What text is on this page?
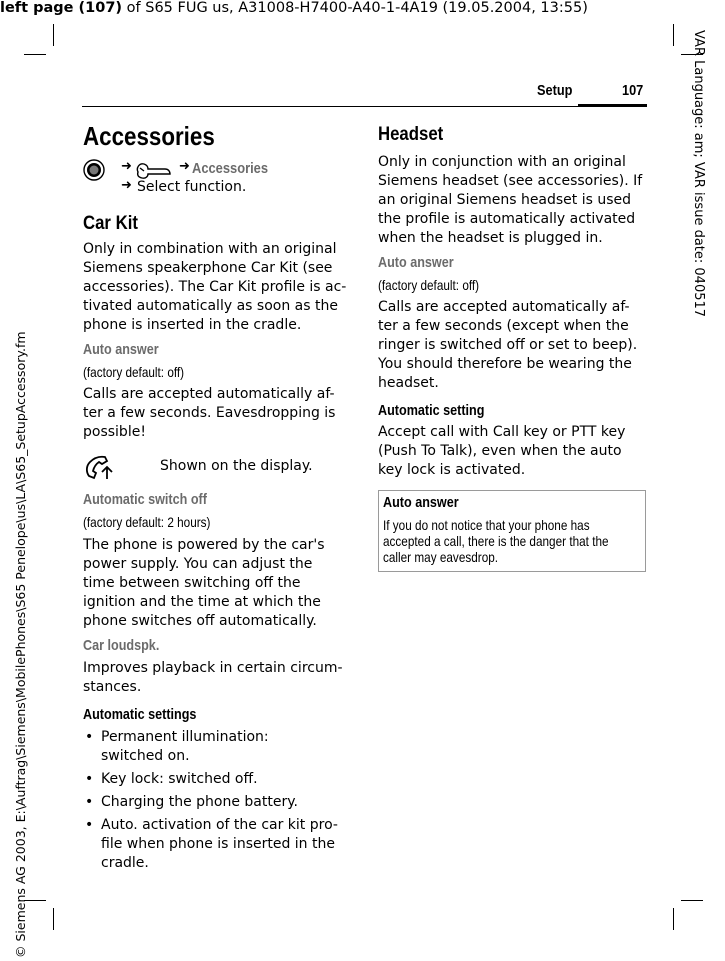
left page (107) of S65 FUG us, A31008-H7400-A40-1-4A19 (19.05.2004, 13:55)
© Siemens AG 2003, E:\Auftrag\Siemens\MobilePhones\S65 Penelope\us\LA\S65_SetupAccessory.fm
VAR Language: am; VAR issue date: 040517
Setup	107
Accessories
➜	➜ Accessories
➜ Select function.
Car Kit
Only in combination with an original
Siemens speakerphone Car Kit (see
accessories). The Car Kit profile is ac-
tivated automatically as soon as the
phone is inserted in the cradle.
Auto answer
(factory default: off)
Calls are accepted automatically af-
ter a few seconds. Eavesdropping is
possible!
Shown on the display.
Automatic switch off
(factory default: 2 hours)
The phone is powered by the car's
power supply. You can adjust the
time between switching off the
ignition and the time at which the
phone switches off automatically.
Car loudspk.
Improves playback in certain circum-
stances.
Automatic settings
• Permanent illumination:
switched on.
• Key lock: switched off.
• Charging the phone battery.
• Auto. activation of the car kit pro-
file when phone is inserted in the
cradle.
Headset
Only in conjunction with an original
Siemens headset (see accessories). If
an original Siemens headset is used
the profile is automatically activated
when the headset is plugged in.
Auto answer
(factory default: off)
Calls are accepted automatically af-
ter a few seconds (except when the
ringer is switched off or set to beep).
You should therefore be wearing the
headset.
Automatic setting
Accept call with Call key or PTT key
(Push To Talk), even when the auto
key lock is activated.
Auto answer
If you do not notice that your phone has
accepted a call, there is the danger that the
caller may eavesdrop.
